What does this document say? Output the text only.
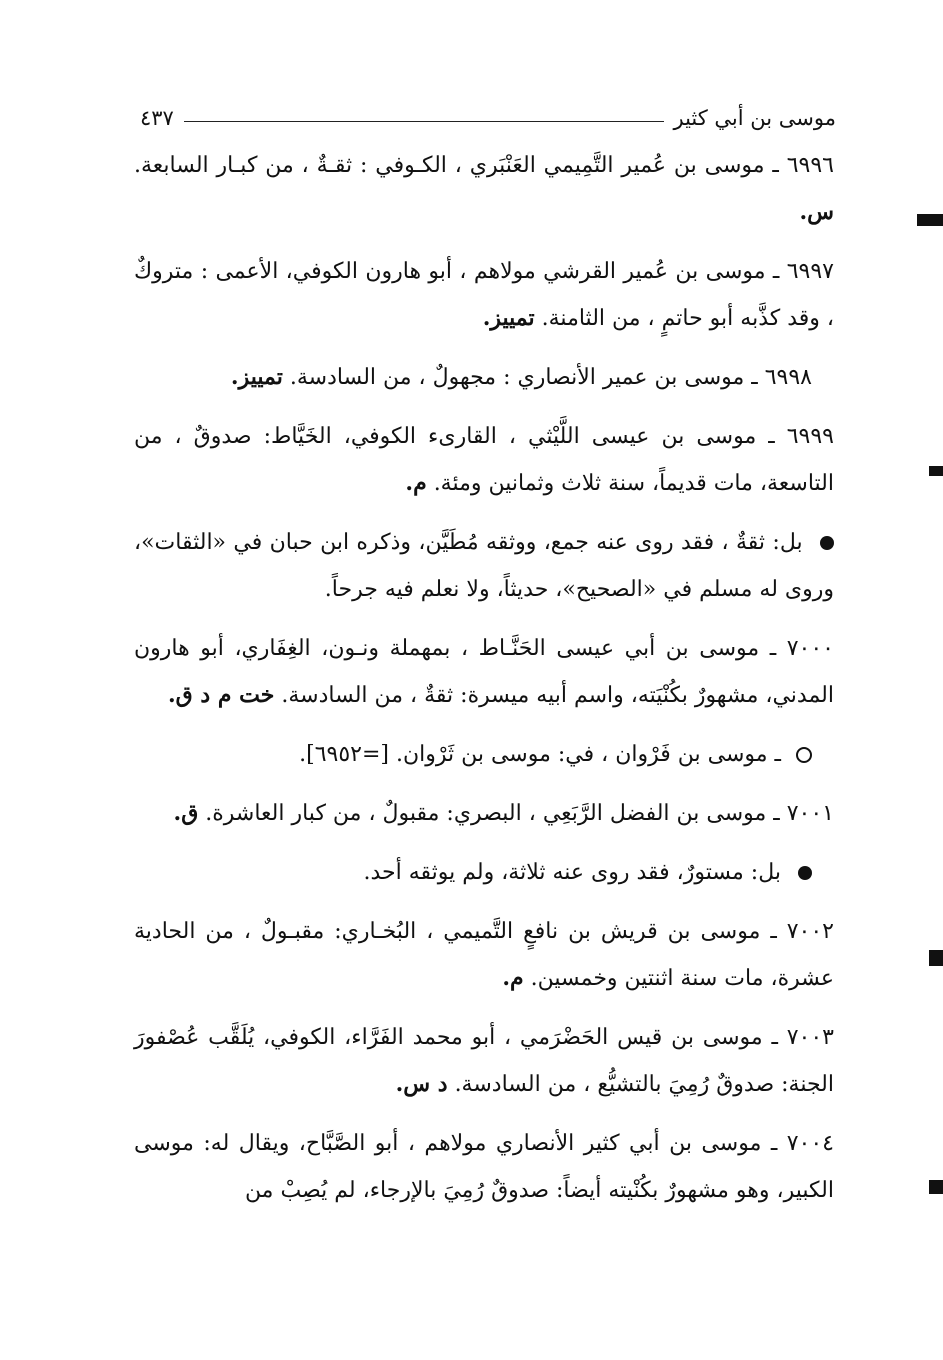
موسى بن أبي كثير
٤٣٧

٦٩٩٦ ـ موسى بن عُمير التَّمِيمي العَنْبَري ، الكـوفي : ثقـةٌ ، من كبـار السابعة. س.

٦٩٩٧ ـ موسى بن عُمير القرشي مولاهم ، أبو هارون الكوفي، الأعمى : متروكٌ ، وقد كذَّبه أبو حاتمٍ ، من الثامنة. تمييز.

٦٩٩٨ ـ موسى بن عمير الأنصاري : مجهولٌ ، من السادسة. تمييز.

٦٩٩٩ ـ موسى بن عيسى اللَّيْثي ، القارىء الكوفي، الخَيَّاط: صدوقٌ ، من التاسعة، مات قديماً، سنة ثلاث وثمانين ومئة. م.

بل: ثقةٌ ، فقد روى عنه جمع، ووثقه مُطَيَّن، وذكره ابن حبان في «الثقات»، وروى له مسلم في «الصحيح»، حديثاً، ولا نعلم فيه جرحاً.

٧٠٠٠ ـ موسى بن أبي عيسى الحَنَّـاط ، بمهملة ونـون، الغِفَاري، أبو هارون المدني، مشهورٌ بكُنْيَته، واسم أبيه ميسرة: ثقةٌ ، من السادسة. خت م د ق.

ـ موسى بن فَرْوان ، في: موسى بن ثَرْوان. [=٦٩٥٢].

٧٠٠١ ـ موسى بن الفضل الرَّبَعِي ، البصري: مقبولٌ ، من كبار العاشرة. ق.

بل: مستورٌ، فقد روى عنه ثلاثة، ولم يوثقه أحد.

٧٠٠٢ ـ موسى بن قريش بن نافعٍ التَّميمي ، البُخـاري: مقبـولٌ ، من الحادية عشرة، مات سنة اثنتين وخمسين. م.

٧٠٠٣ ـ موسى بن قيس الحَضْرَمي ، أبو محمد الفَرَّاء، الكوفي، يُلَقَّب عُصْفورَ الجنة: صدوقٌ رُمِيَ بالتشيُّع ، من السادسة. د س.

٧٠٠٤ ـ موسى بن أبي كثير الأنصاري مولاهم ، أبو الصَّبَّاح، ويقال له: موسى الكبير، وهو مشهورٌ بكُنْيته أيضاً: صدوقٌ رُمِيَ بالإرجاء، لم يُصِبْ من
